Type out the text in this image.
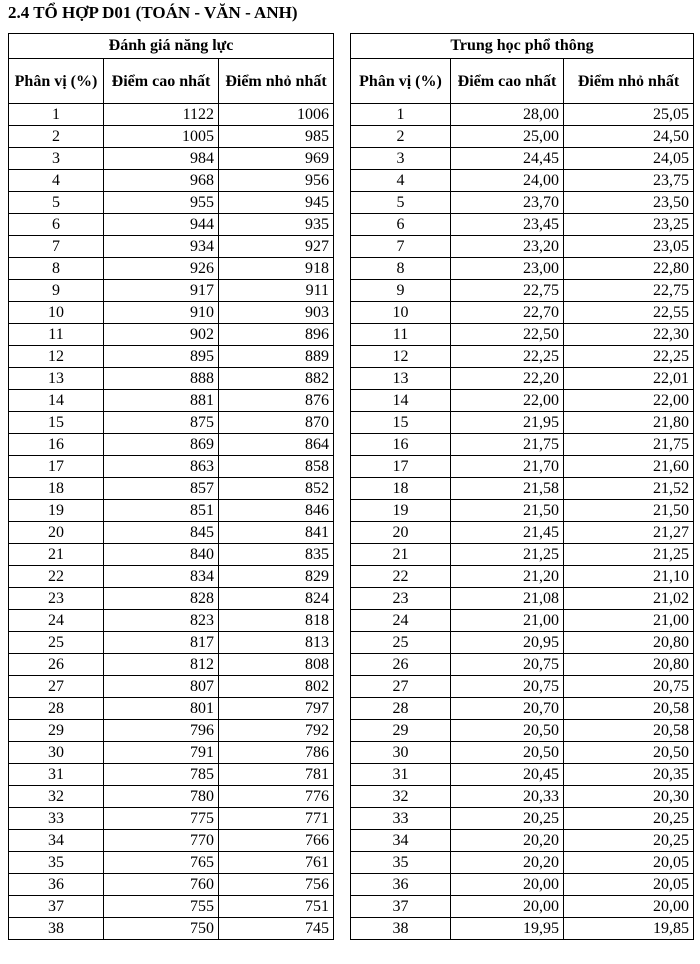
2.4 TỔ HỢP D01 (TOÁN - VĂN - ANH)
Đánh giá năng lực		
Phân vị (%)	Điểm cao nhất	Điểm nhỏ nhất
1	1122	1006
2	1005	985
3	984	969
4	968	956
5	955	945
6	944	935
7	934	927
8	926	918
9	917	911
10	910	903
11	902	896
12	895	889
13	888	882
14	881	876
15	875	870
16	869	864
17	863	858
18	857	852
19	851	846
20	845	841
21	840	835
22	834	829
23	828	824
24	823	818
25	817	813
26	812	808
27	807	802
28	801	797
29	796	792
30	791	786
31	785	781
32	780	776
33	775	771
34	770	766
35	765	761
36	760	756
37	755	751
38	750	745
Trung học phổ thông		
Phân vị (%)	Điểm cao nhất	Điểm nhỏ nhất
1	28,00	25,05
2	25,00	24,50
3	24,45	24,05
4	24,00	23,75
5	23,70	23,50
6	23,45	23,25
7	23,20	23,05
8	23,00	22,80
9	22,75	22,75
10	22,70	22,55
11	22,50	22,30
12	22,25	22,25
13	22,20	22,01
14	22,00	22,00
15	21,95	21,80
16	21,75	21,75
17	21,70	21,60
18	21,58	21,52
19	21,50	21,50
20	21,45	21,27
21	21,25	21,25
22	21,20	21,10
23	21,08	21,02
24	21,00	21,00
25	20,95	20,80
26	20,75	20,80
27	20,75	20,75
28	20,70	20,58
29	20,50	20,58
30	20,50	20,50
31	20,45	20,35
32	20,33	20,30
33	20,25	20,25
34	20,20	20,25
35	20,20	20,05
36	20,00	20,05
37	20,00	20,00
38	19,95	19,85
